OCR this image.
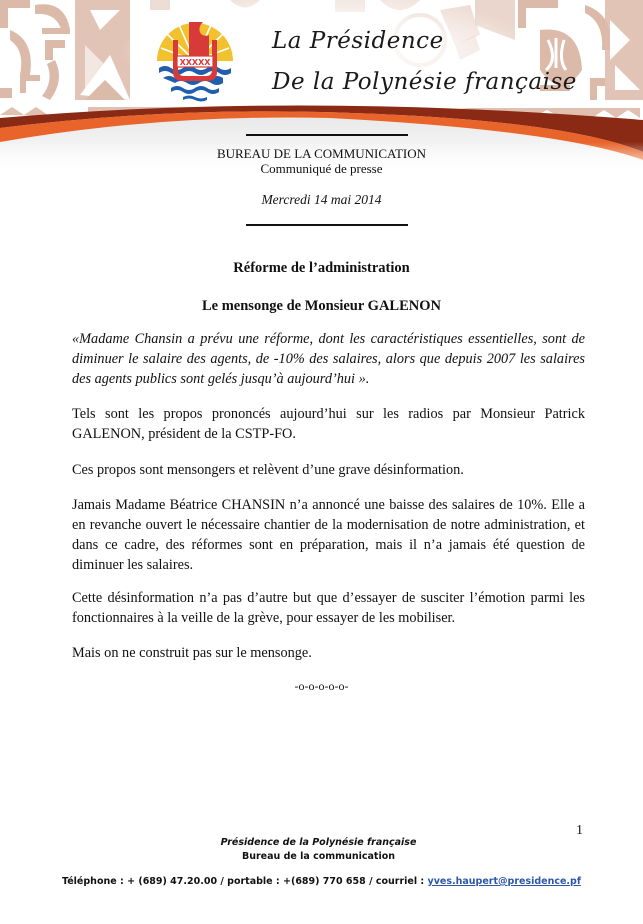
XXXXX
La Présidence
De la Polynésie française
BUREAU DE LA COMMUNICATION
Communiqué de presse
Mercredi 14 mai 2014
Réforme de l’administration
Le mensonge de Monsieur GALENON

«Madame Chansin a prévu une réforme, dont les caractéristiques essentielles, sont de diminuer le salaire des agents, de -10% des salaires, alors que depuis 2007 les salaires des agents publics sont gelés jusqu’à aujourd’hui ».

Tels sont les propos prononcés aujourd’hui sur les radios par Monsieur Patrick GALENON, président de la CSTP-FO.

Ces propos sont mensongers et relèvent d’une grave désinformation.

Jamais Madame Béatrice CHANSIN n’a annoncé une baisse des salaires de 10%. Elle a en revanche ouvert le nécessaire chantier de la modernisation de notre administration, et dans ce cadre, des réformes sont en préparation, mais il n’a jamais été question de diminuer les salaires.

Cette désinformation n’a pas d’autre but que d’essayer de susciter l’émotion parmi les fonctionnaires à la veille de la grève, pour essayer de les mobiliser.

Mais on ne construit pas sur le mensonge.

-o-o-o-o-o-
1
Présidence de la Polynésie française
Bureau de la communication
Téléphone : + (689) 47.20.00 / portable : +(689) 770 658 / courriel : yves.haupert@presidence.pf
